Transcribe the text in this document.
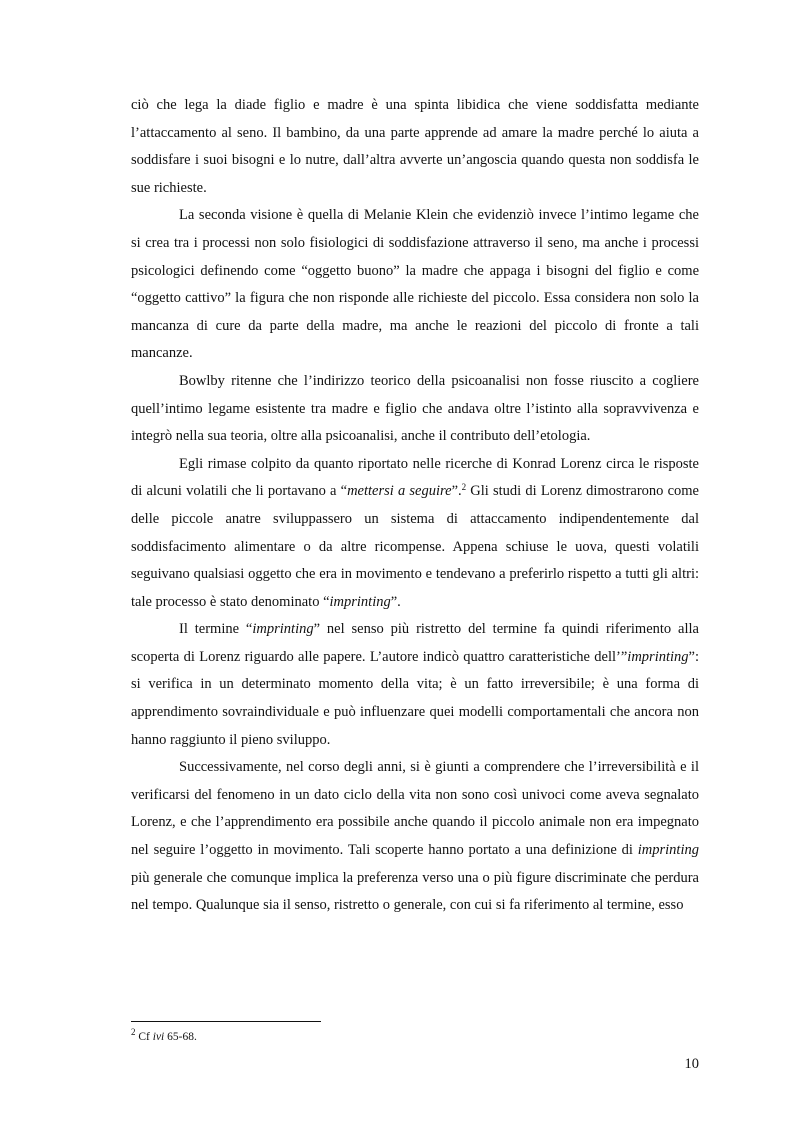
ciò che lega la diade figlio e madre è una spinta libidica che viene soddisfatta mediante l’attaccamento al seno. Il bambino, da una parte apprende ad amare la madre perché lo aiuta a soddisfare i suoi bisogni e lo nutre, dall’altra avverte un’angoscia quando questa non soddisfa le sue richieste.

La seconda visione è quella di Melanie Klein che evidenziò invece l’intimo legame che si crea tra i processi non solo fisiologici di soddisfazione attraverso il seno, ma anche i processi psicologici definendo come “oggetto buono” la madre che appaga i bisogni del figlio e come “oggetto cattivo” la figura che non risponde alle richieste del piccolo. Essa considera non solo la mancanza di cure da parte della madre, ma anche le reazioni del piccolo di fronte a tali mancanze.

Bowlby ritenne che l’indirizzo teorico della psicoanalisi non fosse riuscito a cogliere quell’intimo legame esistente tra madre e figlio che andava oltre l’istinto alla sopravvivenza e integrò nella sua teoria, oltre alla psicoanalisi, anche il contributo dell’etologia.

Egli rimase colpito da quanto riportato nelle ricerche di Konrad Lorenz circa le risposte di alcuni volatili che li portavano a “mettersi a seguire”.$^2$ Gli studi di Lorenz dimostrarono come delle piccole anatre sviluppassero un sistema di attaccamento indipendentemente dal soddisfacimento alimentare o da altre ricompense. Appena schiuse le uova, questi volatili seguivano qualsiasi oggetto che era in movimento e tendevano a preferirlo rispetto a tutti gli altri: tale processo è stato denominato “imprinting”.

Il termine “imprinting” nel senso più ristretto del termine fa quindi riferimento alla scoperta di Lorenz riguardo alle papere. L’autore indicò quattro caratteristiche dell’”imprinting”: si verifica in un determinato momento della vita; è un fatto irreversibile; è una forma di apprendimento sovraindividuale e può influenzare quei modelli comportamentali che ancora non hanno raggiunto il pieno sviluppo.

Successivamente, nel corso degli anni, si è giunti a comprendere che l’irreversibilità e il verificarsi del fenomeno in un dato ciclo della vita non sono così univoci come aveva segnalato Lorenz, e che l’apprendimento era possibile anche quando il piccolo animale non era impegnato nel seguire l’oggetto in movimento. Tali scoperte hanno portato a una definizione di imprinting più generale che comunque implica la preferenza verso una o più figure discriminate che perdura nel tempo. Qualunque sia il senso, ristretto o generale, con cui si fa riferimento al termine, esso

$^2$ Cf ivi 65-68.
10
